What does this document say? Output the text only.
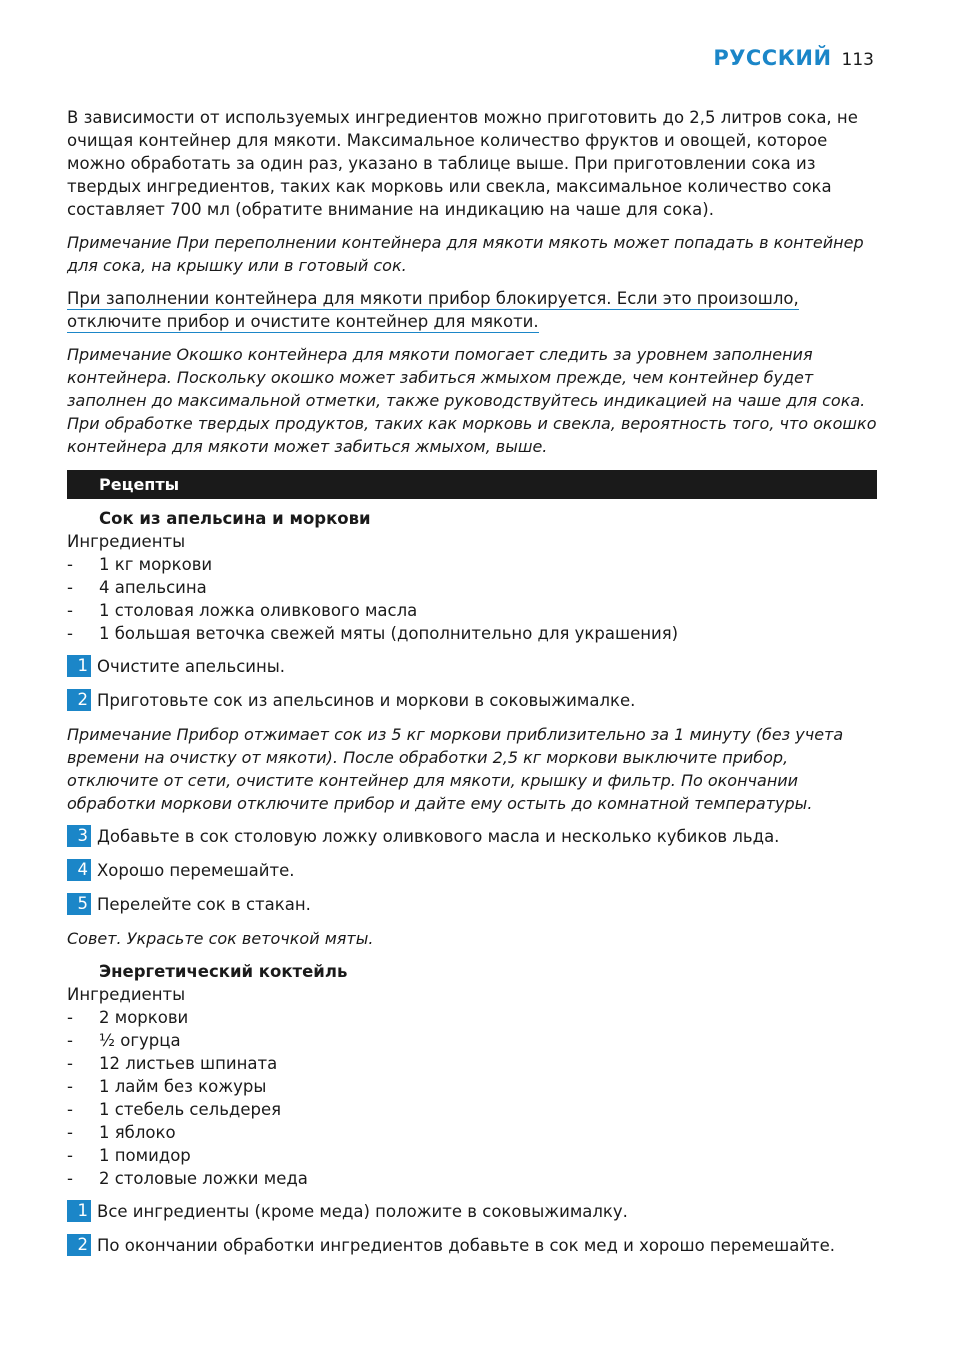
РУССКИЙ 113

В зависимости от используемых ингредиентов можно приготовить до 2,5 литров сока, не очищая контейнер для мякоти. Максимальное количество фруктов и овощей, которое можно обработать за один раз, указано в таблице выше. При приготовлении сока из твердых ингредиентов, таких как морковь или свекла, максимальное количество сока составляет 700 мл (обратите внимание на индикацию на чаше для сока).

Примечание При переполнении контейнера для мякоти мякоть может попадать в контейнер для сока, на крышку или в готовый сок.

При заполнении контейнера для мякоти прибор блокируется. Если это произошло, отключите прибор и очистите контейнер для мякоти.

Примечание Окошко контейнера для мякоти помогает следить за уровнем заполнения контейнера. Поскольку окошко может забиться жмыхом прежде, чем контейнер будет заполнен до максимальной отметки, также руководствуйтесь индикацией на чаше для сока. При обработке твердых продуктов, таких как морковь и свекла, вероятность того, что окошко контейнера для мякоти может забиться жмыхом, выше.

Рецепты

Сок из апельсина и моркови

Ингредиенты

- 1 кг моркови
- 4 апельсина
- 1 столовая ложка оливкового масла
- 1 большая веточка свежей мяты (дополнительно для украшения)
1 Очистите апельсины.
2 Приготовьте сок из апельсинов и моркови в соковыжималке.

Примечание Прибор отжимает сок из 5 кг моркови приблизительно за 1 минуту (без учета времени на очистку от мякоти). После обработки 2,5 кг моркови выключите прибор, отключите от сети, очистите контейнер для мякоти, крышку и фильтр. По окончании обработки моркови отключите прибор и дайте ему остыть до комнатной температуры.

3 Добавьте в сок столовую ложку оливкового масла и несколько кубиков льда.
4 Хорошо перемешайте.
5 Перелейте сок в стакан.

Совет. Украсьте сок веточкой мяты.

Энергетический коктейль

Ингредиенты

- 2 моркови
- ½ огурца
- 12 листьев шпината
- 1 лайм без кожуры
- 1 стебель сельдерея
- 1 яблоко
- 1 помидор
- 2 столовые ложки меда
1 Все ингредиенты (кроме меда) положите в соковыжималку.
2 По окончании обработки ингредиентов добавьте в сок мед и хорошо перемешайте.
